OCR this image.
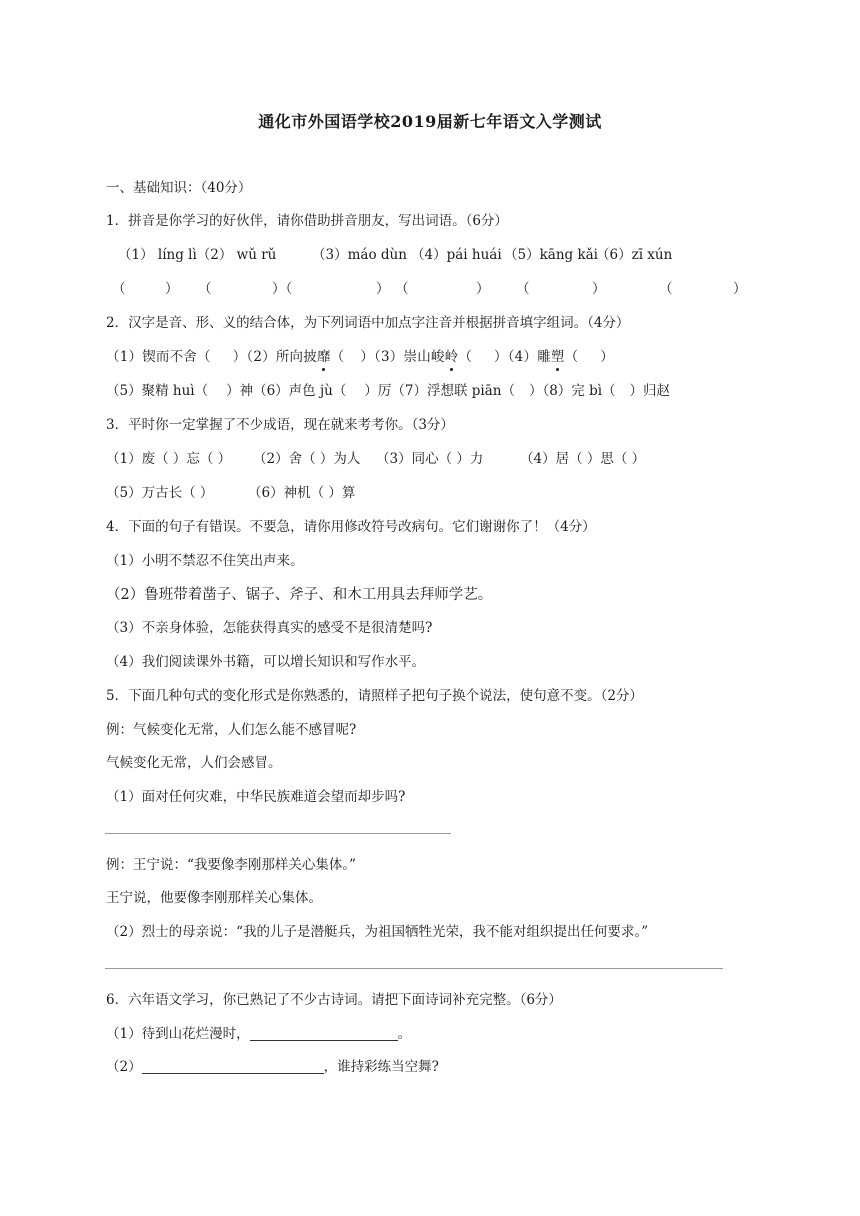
通化市外国语学校2019届新七年语文入学测试
一、基础知识：（40分）
1．拼音是你学习的好伙伴，请你借助拼音朋友，写出词语。（6分）
（1） líng lì（2） wǔ rǔ	（3）máo dùn （4）pái huái （5）kāng kǎi
（6）zī xún
（	） （	）（	） （	） （	）	（	）
2．汉字是音、形、义的结合体，为下列词语中加点字注音并根据拼音填字组词。（4分）
（1）锲而不舍（ ）（2）所向披靡（ ）（3）崇山峻岭（ ）（4）雕塑（ ）
（5）聚精 huì（ ）神（6）声色 jù（ ）厉（7）浮想联 piān（ ）（8）完 bì（ ）归赵
3．平时你一定掌握了不少成语，现在就来考考你。（3分）
（1）废（ ）忘（ ） （2）舍（ ）为人 （3）同心（ ）力	（4）居（ ）思（ ）
（5）万古长（ ）	（6）神机（ ）算
4．下面的句子有错误。不要急，请你用修改符号改病句。它们谢谢你了！（4分）
（1）小明不禁忍不住笑出声来。
（2）鲁班带着凿子、锯子、斧子、和木工用具去拜师学艺。
（3）不亲身体验，怎能获得真实的感受不是很清楚吗?
（4）我们阅读课外书籍，可以增长知识和写作水平。
5．下面几种句式的变化形式是你熟悉的，请照样子把句子换个说法，使句意不变。（2分）
例：气候变化无常，人们怎么能不感冒呢?
气候变化无常，人们会感冒。
（1）面对任何灾难，中华民族难道会望而却步吗?
例：王宁说：“我要像李刚那样关心集体。”
王宁说，他要像李刚那样关心集体。
（2）烈士的母亲说：“我的儿子是潜艇兵，为祖国牺牲光荣，我不能对组织提出任何要求。”
6．六年语文学习，你已熟记了不少古诗词。请把下面诗词补充完整。（6分）
（1）待到山花烂漫时，	。
（2）	，谁持彩练当空舞?
